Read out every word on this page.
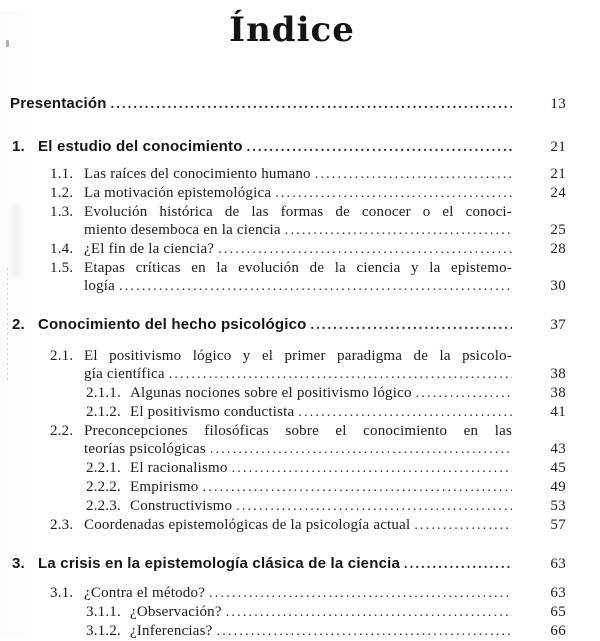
Índice
Presentación .....	13
1. El estudio del conocimiento .....	21
1.1. Las raíces del conocimiento humano .....	21
1.2. La motivación epistemológica .....	24
1.3. Evolución histórica de las formas de conocer o el conoci-
miento desemboca en la ciencia .....	25
1.4. ¿El fin de la ciencia? .....	28
1.5. Etapas críticas en la evolución de la ciencia y la epistemo-
logía .....	30
2. Conocimiento del hecho psicológico .....	37
2.1. El positivismo lógico y el primer paradigma de la psicolo-
gía científica .....	38
2.1.1. Algunas nociones sobre el positivismo lógico .....	38
2.1.2. El positivismo conductista .....	41
2.2. Preconcepciones filosóficas sobre el conocimiento en las
teorías psicológicas .....	43
2.2.1. El racionalismo .....	45
2.2.2. Empirismo .....	49
2.2.3. Constructivismo .....	53
2.3. Coordenadas epistemológicas de la psicología actual .....	57
3. La crisis en la epistemología clásica de la ciencia .....	63
3.1. ¿Contra el método? .....	63
3.1.1. ¿Observación? .....	65
3.1.2. ¿Inferencias? .....	66
